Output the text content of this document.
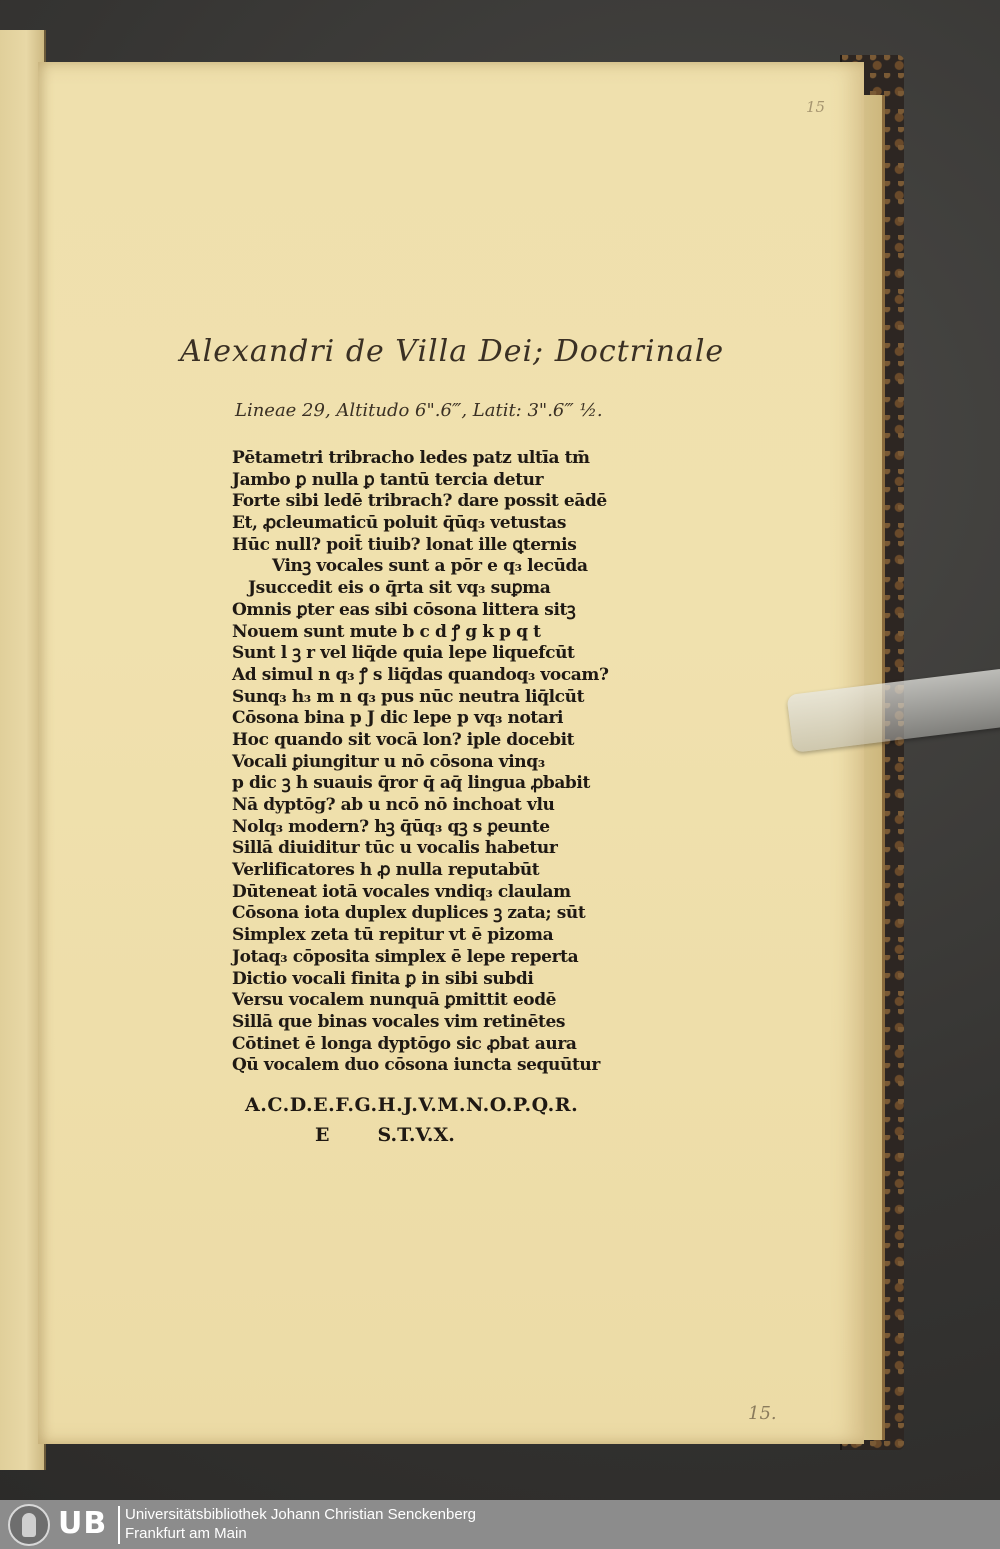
15
Alexandri de Villa Dei; Doctrinale
Lineae 29, Altitudo 6".6‴, Latit: 3".6‴ ½.
Pētametri tribracho ledes patz ultīa tm̄
Jambo ꝑ nulla ꝑ tantū tercia detur
Forte sibi ledē tribrach? dare possit eādē
Et, ꝓcleumaticū poluit q̄ūq₃ vetustas
Hūc null? poit̄ tiuib? lonat ille ꝗternis
Vinꝫ vocales sunt a pōr e q₃ lecūda
Jsuccedit eis o q̄rta sit vq₃ suꝑma
Omnis ꝑter eas sibi cōsona littera sitꝫ
Nouem sunt mute b c d ꝭ g k p q t
Sunt l ꝫ r vel liq̄de quia lepe liquefcūt
Ad simul n q₃ ꝭ s liq̄das quandoq₃ vocam?
Sunq₃ h₃ m n q₃ pus nūc neutra liq̄lcūt
Cōsona bina p J dic lepe p vq₃ notari
Hoc quando sit vocā lon? iple docebit
Vocali ꝑiungitur u nō cōsona vinq₃
p dic ꝫ h suauis q̄ror q̄ aq̄ lingua ꝓbabit
Nā dyptōg? ab u ncō nō inchoat vlu
Nolq₃ modern? hꝫ q̄ūq₃ qꝫ s ꝑeunte
Sillā diuiditur tūc u vocalis habetur
Verlificatores h ꝓ nulla reputabūt
Dūteneat iotā vocales vndiq₃ claulam
Cōsona iota duplex duplices ꝫ zata; sūt
Simplex zeta tū repitur vt ē pizoma
Jotaq₃ cōposita simplex ē lepe reperta
Dictio vocali finita ꝑ in sibi subdi
Versu vocalem nunquā ꝑmittit eodē
Sillā que binas vocales vim retinētes
Cōtinet ē longa dyptōgo sic ꝓbat aura
Qū vocalem duo cōsona iuncta sequūtur
A.C.D.E.F.G.H.J.V.M.N.O.P.Q.R.
E	S.T.V.X.
15.
UB Universitätsbibliothek Johann Christian Senckenberg
Frankfurt am Main
